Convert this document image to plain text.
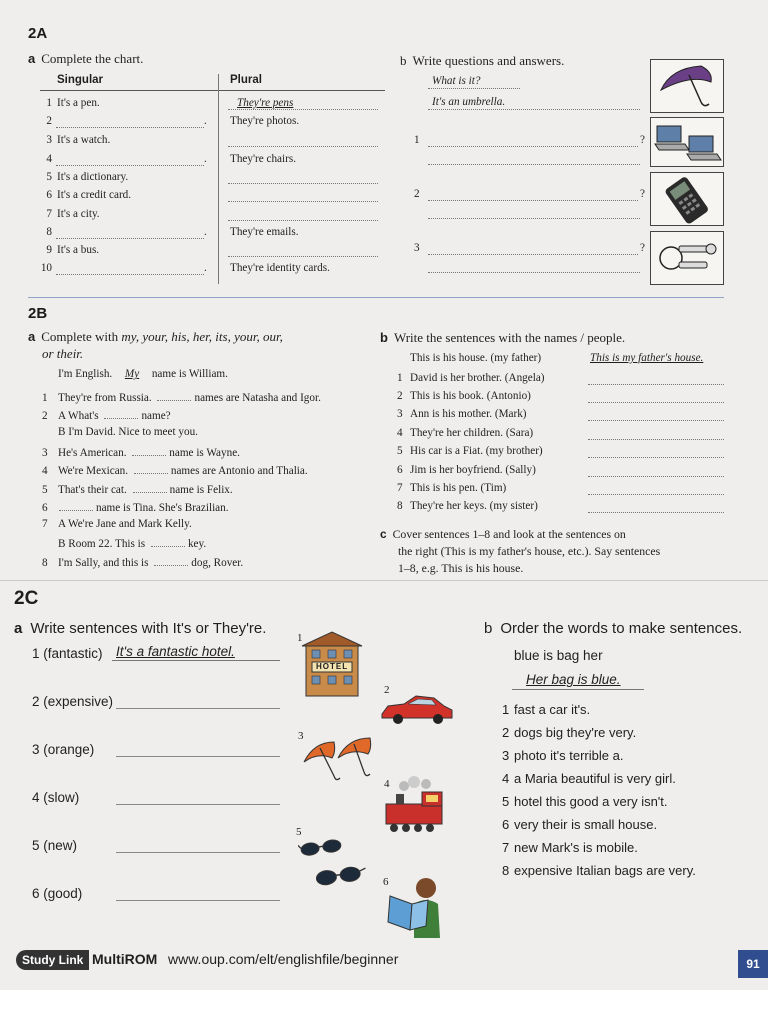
2A
a Complete the chart.
Singular	Plural
b Write questions and answers.
What is it?
It's an umbrella.
2B
a Complete with my, your, his, her, its, your, our,
or their.
I'm English. My name is William.
b Write the sentences with the names / people.
This is his house. (my father)	This is my father's house.
c Cover sentences 1–8 and look at the sentences on
the right (This is my father's house, etc.). Say sentences
1–8, e.g. This is his house.
2C
a Write sentences with It's or They're.
1 (fantastic) It's a fantastic hotel.
1
HOTEL
2
3
4
5
6
b Order the words to make sentences.
blue is bag her
Her bag is blue.
Study Link MultiROM www.oup.com/elt/englishfile/beginner	91
1 It's a pen.	They're pens
2	. They're photos.
3 It's a watch.
4	. They're chairs.
5 It's a dictionary.
6 It's a credit card.
7 It's a city.
8	. They're emails.
9 It's a bus.
10	. They're identity cards.
1	?
2	?
3	?
1 They're from Russia.	names are Natasha and Igor.
2 A What's	name?
B I'm David. Nice to meet you.
3 He's American.	name is Wayne.
4 We're Mexican.	names are Antonio and Thalia.
5 That's their cat.	name is Felix.
6	name is Tina. She's Brazilian.
7 A We're Jane and Mark Kelly.
B Room 22. This is	key.
8 I'm Sally, and this is	dog, Rover.
1 David is her brother. (Angela)
2 This is his book. (Antonio)
3 Ann is his mother. (Mark)
4 They're her children. (Sara)
5 His car is a Fiat. (my brother)
6 Jim is her boyfriend. (Sally)
7 This is his pen. (Tim)
8 They're her keys. (my sister)
2 (expensive)
3 (orange)
4 (slow)
5 (new)
6 (good)
1 fast a car it's.
2 dogs big they're very.
3 photo it's terrible a.
4 a Maria beautiful is very girl.
5 hotel this good a very isn't.
6 very their is small house.
7 new Mark's is mobile.
8 expensive Italian bags are very.
